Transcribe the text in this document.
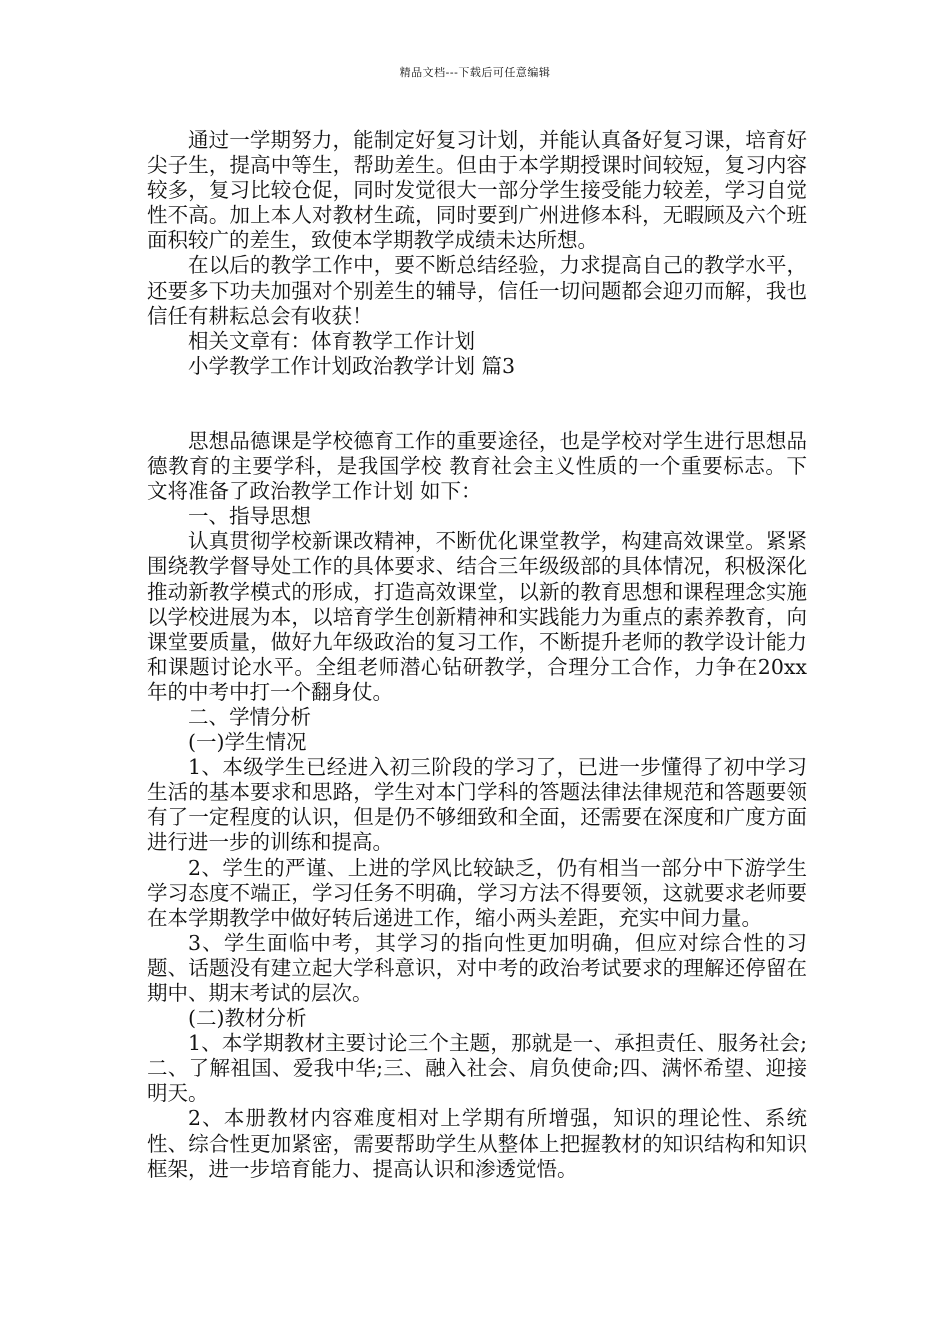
精品文档---下载后可任意编辑

通过一学期努力，能制定好复习计划，并能认真备好复习课，培育好尖子生，提高中等生，帮助差生。但由于本学期授课时间较短，复习内容较多，复习比较仓促，同时发觉很大一部分学生接受能力较差，学习自觉性不高。加上本人对教材生疏，同时要到广州进修本科，无暇顾及六个班面积较广的差生，致使本学期教学成绩未达所想。

在以后的教学工作中，要不断总结经验，力求提高自己的教学水平，还要多下功夫加强对个别差生的辅导，信任一切问题都会迎刃而解，我也信任有耕耘总会有收获！

相关文章有：体育教学工作计划

小学教学工作计划政治教学计划 篇3

思想品德课是学校德育工作的重要途径，也是学校对学生进行思想品德教育的主要学科，是我国学校 教育社会主义性质的一个重要标志。下文将准备了政治教学工作计划 如下：

一、指导思想

认真贯彻学校新课改精神，不断优化课堂教学，构建高效课堂。紧紧围绕教学督导处工作的具体要求、结合三年级级部的具体情况，积极深化推动新教学模式的形成，打造高效课堂，以新的教育思想和课程理念实施以学校进展为本，以培育学生创新精神和实践能力为重点的素养教育，向课堂要质量，做好九年级政治的复习工作，不断提升老师的教学设计能力和课题讨论水平。全组老师潜心钻研教学，合理分工合作，力争在20xx年的中考中打一个翻身仗。

二、学情分析

(一)学生情况

1、本级学生已经进入初三阶段的学习了，已进一步懂得了初中学习生活的基本要求和思路，学生对本门学科的答题法律法律规范和答题要领有了一定程度的认识，但是仍不够细致和全面，还需要在深度和广度方面进行进一步的训练和提高。

2、学生的严谨、上进的学风比较缺乏，仍有相当一部分中下游学生学习态度不端正，学习任务不明确，学习方法不得要领，这就要求老师要在本学期教学中做好转后递进工作，缩小两头差距，充实中间力量。

3、学生面临中考，其学习的指向性更加明确，但应对综合性的习题、话题没有建立起大学科意识，对中考的政治考试要求的理解还停留在期中、期末考试的层次。

(二)教材分析

1、本学期教材主要讨论三个主题，那就是一、承担责任、服务社会;二、了解祖国、爱我中华;三、融入社会、肩负使命;四、满怀希望、迎接明天。

2、本册教材内容难度相对上学期有所增强，知识的理论性、系统性、综合性更加紧密，需要帮助学生从整体上把握教材的知识结构和知识框架，进一步培育能力、提高认识和渗透觉悟。
